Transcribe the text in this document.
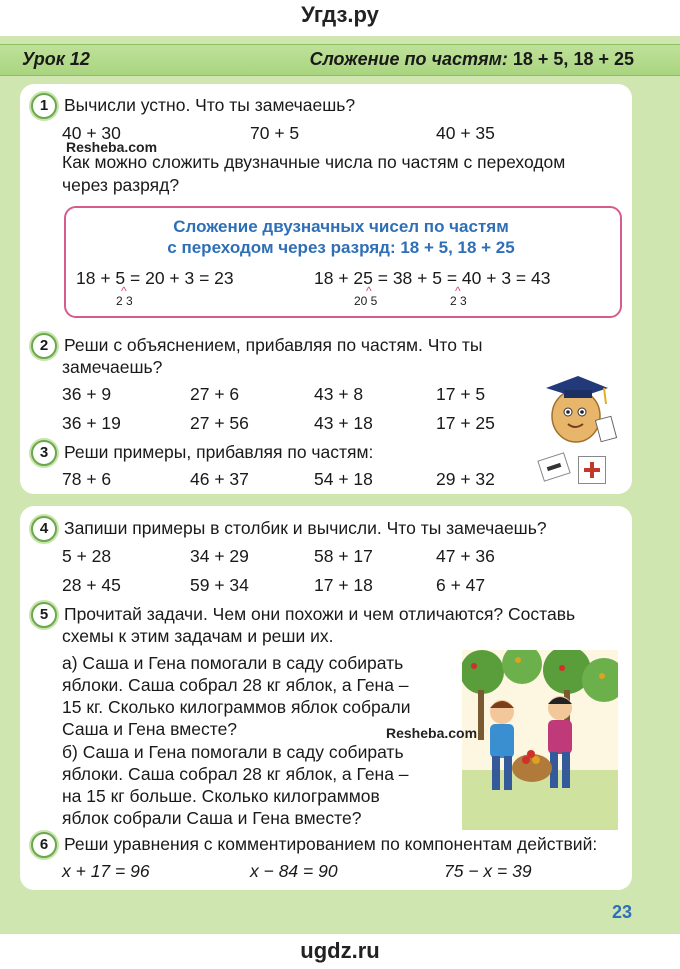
Угдз.ру
Урок 12	Сложение по частям: 18 + 5, 18 + 25
1 Вычисли устно. Что ты замечаешь?
40 + 30	70 + 5	40 + 35
Resheba.com
Как можно сложить двузначные числа по частям с переходом
через разряд?
Сложение двузначных чисел по частям
с переходом через разряд: 18 + 5, 18 + 25
18 + 5 = 20 + 3 = 23
^
2 3
18 + 25 = 38 + 5 = 40 + 3 = 43
^
20 5
^
2 3
2 Реши с объяснением, прибавляя по частям. Что ты
замечаешь?
36 + 9	27 + 6	43 + 8	17 + 5
36 + 19	27 + 56	43 + 18	17 + 25
3 Реши примеры, прибавляя по частям:
78 + 6	46 + 37	54 + 18	29 + 32
4 Запиши примеры в столбик и вычисли. Что ты замечаешь?
5 + 28	34 + 29	58 + 17	47 + 36
28 + 45	59 + 34	17 + 18	6 + 47
5 Прочитай задачи. Чем они похожи и чем отличаются? Составь
схемы к этим задачам и реши их.
а) Саша и Гена помогали в саду собирать
яблоки. Саша собрал 28 кг яблок, а Гена –
15 кг. Сколько килограммов яблок собрали
Саша и Гена вместе?
б) Саша и Гена помогали в саду собирать
яблоки. Саша собрал 28 кг яблок, а Гена –
на 15 кг больше. Сколько килограммов
яблок собрали Саша и Гена вместе?
Resheba.com
6 Реши уравнения с комментированием по компонентам действий:
x + 17 = 96	x − 84 = 90	75 − x = 39
23
ugdz.ru
